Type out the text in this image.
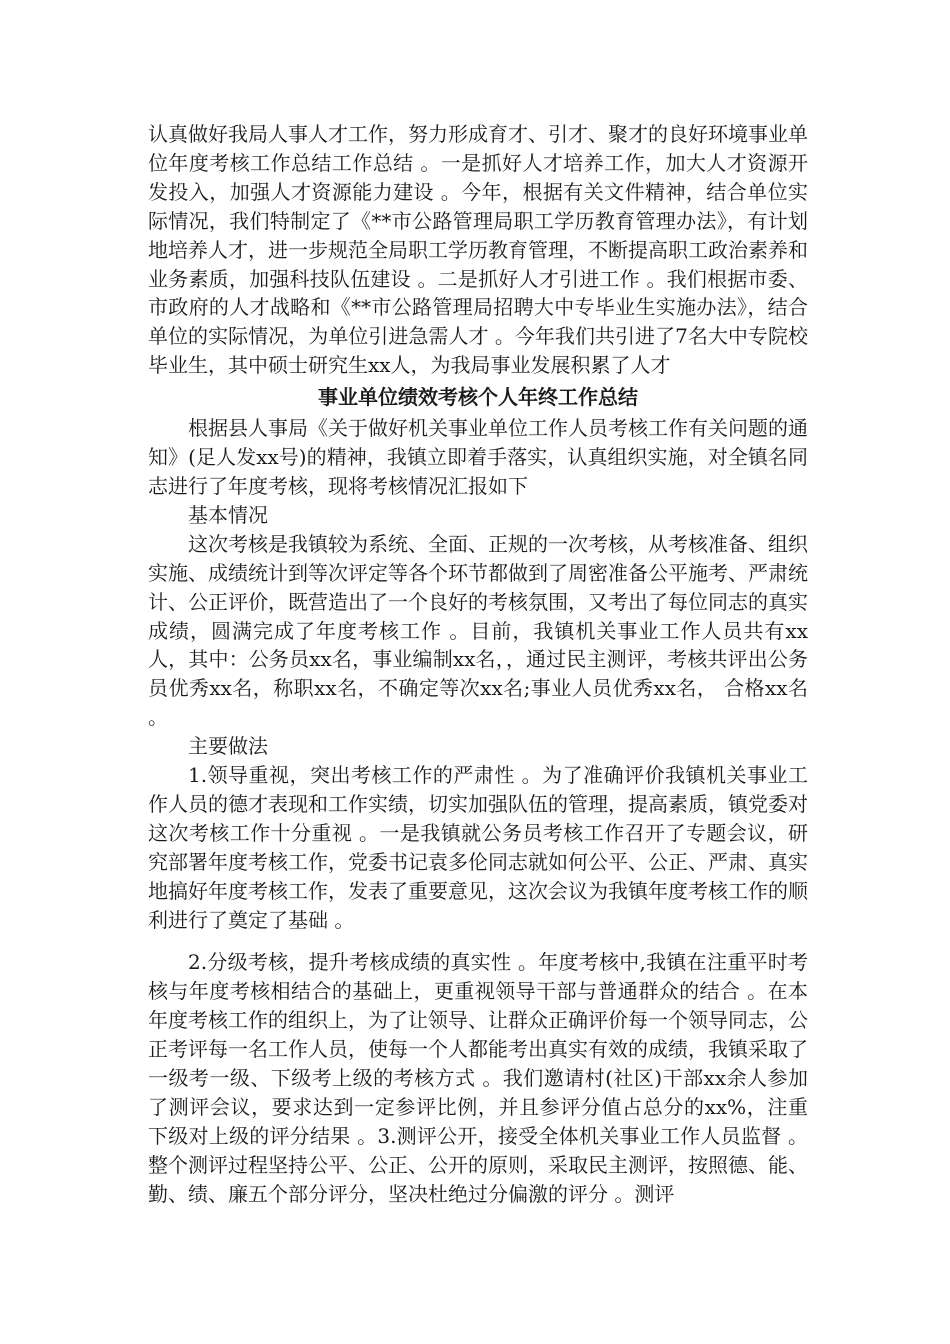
认真做好我局人事人才工作，努力形成育才、引才、聚才的良好环境事业单位年度考核工作总结工作总结 。一是抓好人才培养工作，加大人才资源开发投入，加强人才资源能力建设 。今年，根据有关文件精神，结合单位实际情况，我们特制定了《**市公路管理局职工学历教育管理办法》，有计划地培养人才，进一步规范全局职工学历教育管理，不断提高职工政治素养和业务素质，加强科技队伍建设 。二是抓好人才引进工作 。我们根据市委、市政府的人才战略和《**市公路管理局招聘大中专毕业生实施办法》，结合单位的实际情况，为单位引进急需人才 。今年我们共引进了7名大中专院校毕业生，其中硕士研究生xx人，为我局事业发展积累了人才

事业单位绩效考核个人年终工作总结

根据县人事局《关于做好机关事业单位工作人员考核工作有关问题的通知》(足人发xx号)的精神，我镇立即着手落实，认真组织实施，对全镇名同志进行了年度考核，现将考核情况汇报如下

基本情况

这次考核是我镇较为系统、全面、正规的一次考核，从考核准备、组织实施、成绩统计到等次评定等各个环节都做到了周密准备公平施考、严肃统计、公正评价，既营造出了一个良好的考核氛围，又考出了每位同志的真实成绩，圆满完成了年度考核工作 。目前，我镇机关事业工作人员共有xx人，其中：公务员xx名，事业编制xx名，，通过民主测评，考核共评出公务员优秀xx名，称职xx名，不确定等次xx名;事业人员优秀xx名， 合格xx名 。

主要做法

1.领导重视，突出考核工作的严肃性 。为了准确评价我镇机关事业工作人员的德才表现和工作实绩，切实加强队伍的管理，提高素质，镇党委对这次考核工作十分重视 。一是我镇就公务员考核工作召开了专题会议，研究部署年度考核工作，党委书记袁多伦同志就如何公平、公正、严肃、真实地搞好年度考核工作，发表了重要意见，这次会议为我镇年度考核工作的顺利进行了奠定了基础 。

2.分级考核，提升考核成绩的真实性 。年度考核中,我镇在注重平时考核与年度考核相结合的基础上，更重视领导干部与普通群众的结合 。在本年度考核工作的组织上，为了让领导、让群众正确评价每一个领导同志，公正考评每一名工作人员，使每一个人都能考出真实有效的成绩，我镇采取了一级考一级、下级考上级的考核方式 。我们邀请村(社区)干部xx余人参加了测评会议，要求达到一定参评比例，并且参评分值占总分的xx%，注重下级对上级的评分结果 。3.测评公开，接受全体机关事业工作人员监督 。整个测评过程坚持公平、公正、公开的原则，采取民主测评，按照德、能、勤、绩、廉五个部分评分，坚决杜绝过分偏激的评分 。测评
